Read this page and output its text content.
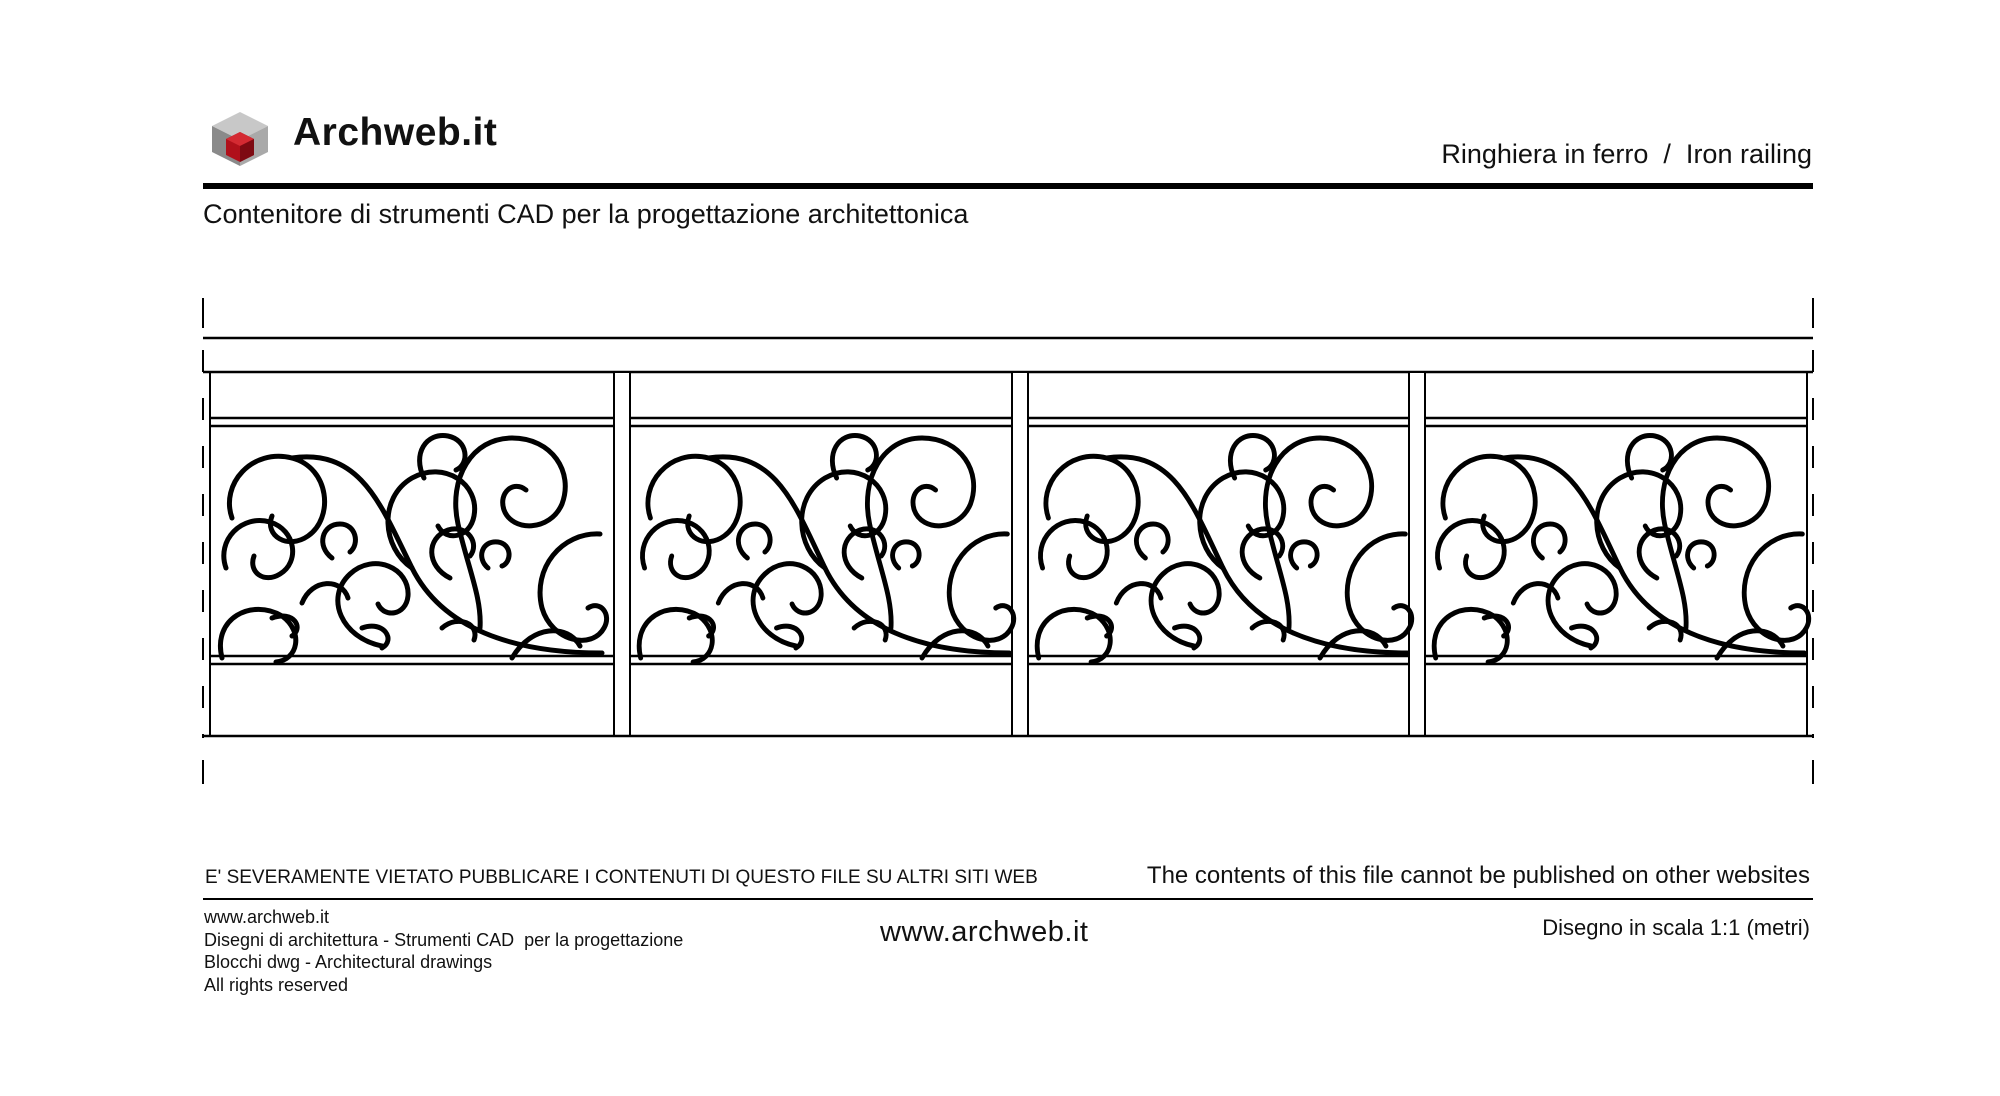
Archweb.it	Ringhiera in ferro  /  Iron railing
Contenitore di strumenti CAD per la progettazione architettonica
E' SEVERAMENTE VIETATO PUBBLICARE I CONTENUTI DI QUESTO FILE SU ALTRI SITI WEB	The contents of this file cannot be published on other websites
www.archweb.it
Disegni di architettura - Strumenti CAD  per la progettazione
Blocchi dwg - Architectural drawings
All rights reserved
www.archweb.it	Disegno in scala 1:1 (metri)
